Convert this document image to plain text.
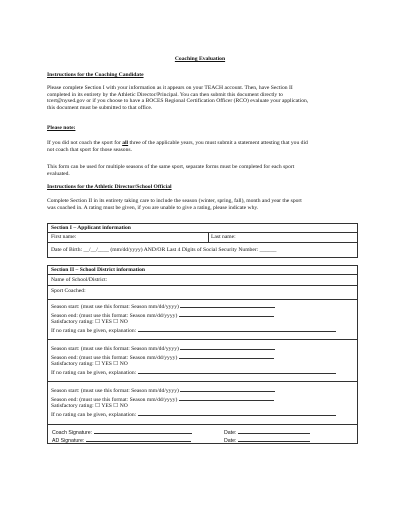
Coaching Evaluation
Instructions for the Coaching Candidate
Please complete Section I with your information as it appears on your TEACH account. Then, have Section II
completed in its entirety by the Athletic Director/Principal. You can then submit this document directly to
tcert@nysed.gov or if you choose to have a BOCES Regional Certification Officer (RCO) evaluate your application,
this document must be submitted to that office.
Please note:
If you did not coach the sport for all three of the applicable years, you must submit a statement attesting that you did
not coach that sport for those seasons.
This form can be used for multiple seasons of the same sport, separate forms must be completed for each sport
evaluated.
Instructions for the Athletic Director/School Official
Complete Section II in its entirety taking care to include the season (winter, spring, fall), month and year the sport
was coached in. A rating must be given, if you are unable to give a rating, please indicate why.
Section I – Applicant information
First name:	Last name:
Date of Birth: __/__/____ (mm/dd/yyyy) AND/OR Last 4 Digits of Social Security Number: ______
Section II – School District information
Name of School/District:
Sport Coached:
Season start: (must use this format: Season mm/dd/yyyy)
Season end: (must use this format: Season mm/dd/yyyy)
Satisfactory rating: ☐ YES ☐ NO
If no rating can be given, explanation:
Season start: (must use this format: Season mm/dd/yyyy)
Season end: (must use this format: Season mm/dd/yyyy)
Satisfactory rating: ☐ YES ☐ NO
If no rating can be given, explanation:
Season start: (must use this format: Season mm/dd/yyyy)
Season end: (must use this format: Season mm/dd/yyyy)
Satisfactory rating: ☐ YES ☐ NO
If no rating can be given, explanation:
Coach Signature:	Date:
AD Signature:	Date:
